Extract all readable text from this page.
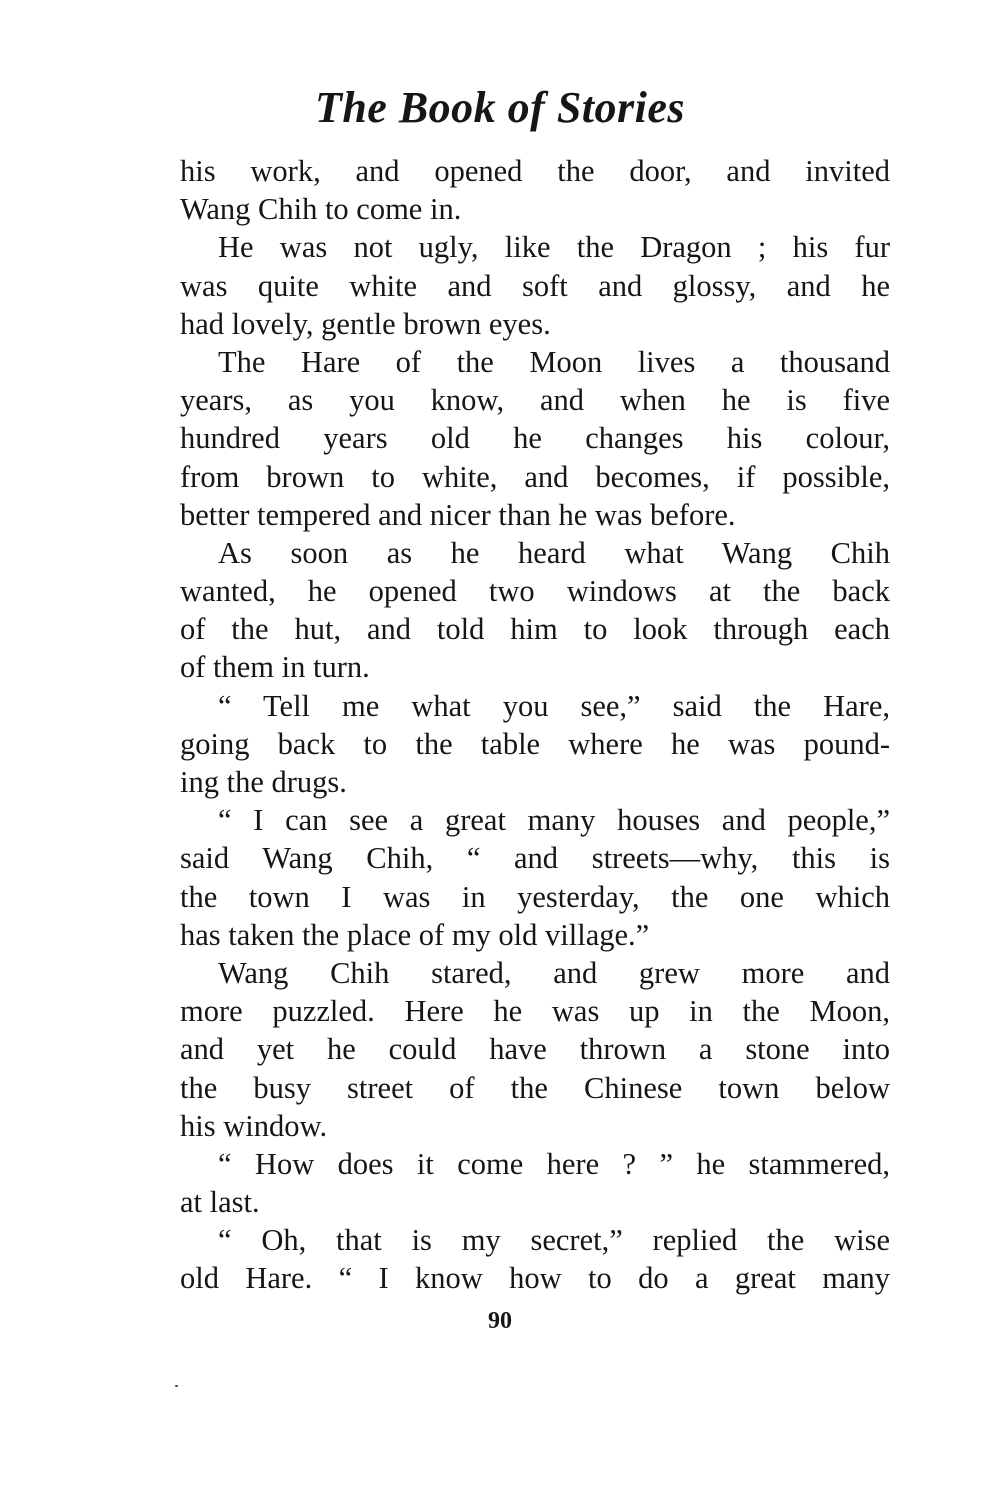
The Book of Stories
his work, and opened the door, and invited
Wang Chih to come in.
He was not ugly, like the Dragon ; his fur
was quite white and soft and glossy, and he
had lovely, gentle brown eyes.
The Hare of the Moon lives a thousand
years, as you know, and when he is five
hundred years old he changes his colour,
from brown to white, and becomes, if possible,
better tempered and nicer than he was before.
As soon as he heard what Wang Chih
wanted, he opened two windows at the back
of the hut, and told him to look through each
of them in turn.
“ Tell me what you see,” said the Hare,
going back to the table where he was pound-
ing the drugs.
“ I can see a great many houses and people,”
said Wang Chih, “ and streets—why, this is
the town I was in yesterday, the one which
has taken the place of my old village.”
Wang Chih stared, and grew more and
more puzzled. Here he was up in the Moon,
and yet he could have thrown a stone into
the busy street of the Chinese town below
his window.
“ How does it come here ? ” he stammered,
at last.
“ Oh, that is my secret,” replied the wise
old Hare. “ I know how to do a great many
90
